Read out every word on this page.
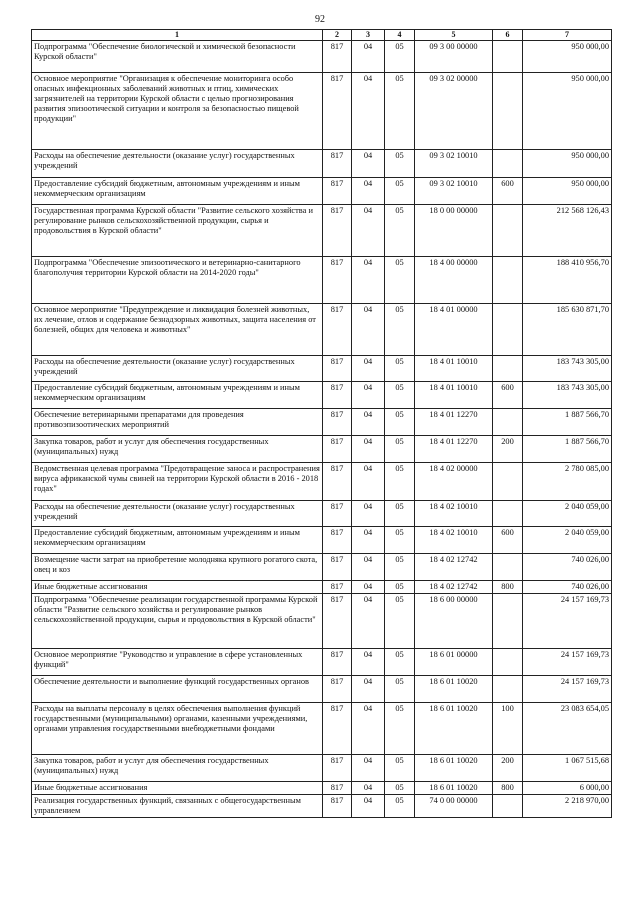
92
1	2	3	4	5	6	7
Подпрограмма "Обеспечение биологической и химической безопасности Курской области"	817	04	05	09 3 00 00000		950 000,00
Основное мероприятие "Организация к обеспечение мониторинга особо опасных инфекционных заболеваний животных и птиц, химических загрязнителей на территории Курской области с целью прогнозирования развития эпизоотической ситуации и контроля за безопасностью пищевой продукции"	817	04	05	09 3 02 00000		950 000,00
Расходы на обеспечение деятельности (оказание услуг) государственных учреждений	817	04	05	09 3 02 10010		950 000,00
Предоставление субсидий бюджетным, автономным учреждениям и иным некоммерческим организациям	817	04	05	09 3 02 10010	600	950 000,00
Государственная программа Курской области "Развитие сельского хозяйства и регулирование рынков сельскохозяйственной продукции, сырья и продовольствия в Курской области"	817	04	05	18 0 00 00000		212 568 126,43
Подпрограмма "Обеспечение эпизоотического и ветеринарно-санитарного благополучия территории Курской области на 2014-2020 годы"	817	04	05	18 4 00 00000		188 410 956,70
Основное мероприятие "Предупреждение и ликвидация болезней животных, их лечение, отлов и содержание безнадзорных животных, защита населения от болезней, общих для человека и животных"	817	04	05	18 4 01 00000		185 630 871,70
Расходы на обеспечение деятельности (оказание услуг) государственных учреждений	817	04	05	18 4 01 10010		183 743 305,00
Предоставление субсидий бюджетным, автономным учреждениям и иным некоммерческим организациям	817	04	05	18 4 01 10010	600	183 743 305,00
Обеспечение ветеринарными препаратами для проведения противоэпизоотических мероприятий	817	04	05	18 4 01 12270		1 887 566,70
Закупка товаров, работ и услуг для обеспечения государственных (муниципальных) нужд	817	04	05	18 4 01 12270	200	1 887 566,70
Ведомственная целевая программа "Предотвращение заноса и распространения вируса африканской чумы свиней на территории Курской области в 2016 - 2018 годах"	817	04	05	18 4 02 00000		2 780 085,00
Расходы на обеспечение деятельности (оказание услуг) государственных учреждений	817	04	05	18 4 02 10010		2 040 059,00
Предоставление субсидий бюджетным, автономным учреждениям и иным некоммерческим организациям	817	04	05	18 4 02 10010	600	2 040 059,00
Возмещение части затрат на приобретение молодняка крупного рогатого скота, овец и коз	817	04	05	18 4 02 12742		740 026,00
Иные бюджетные ассигнования	817	04	05	18 4 02 12742	800	740 026,00
Подпрограмма "Обеспечение реализации государственной программы Курской области "Развитие сельского хозяйства и регулирование рынков сельскохозяйственной продукции, сырья и продовольствия в Курской области"	817	04	05	18 6 00 00000		24 157 169,73
Основное мероприятие "Руководство и управление в сфере установленных функций"	817	04	05	18 6 01 00000		24 157 169,73
Обеспечение деятельности и выполнение функций государственных органов	817	04	05	18 6 01 10020		24 157 169,73
Расходы на выплаты персоналу в целях обеспечения выполнения функций государственными (муниципальными) органами, казенными учреждениями, органами управления государственными внебюджетными фондами	817	04	05	18 6 01 10020	100	23 083 654,05
Закупка товаров, работ и услуг для обеспечения государственных (муниципальных) нужд	817	04	05	18 6 01 10020	200	1 067 515,68
Иные бюджетные ассигнования	817	04	05	18 6 01 10020	800	6 000,00
Реализация государственных функций, связанных с общегосударственным управлением	817	04	05	74 0 00 00000		2 218 970,00
